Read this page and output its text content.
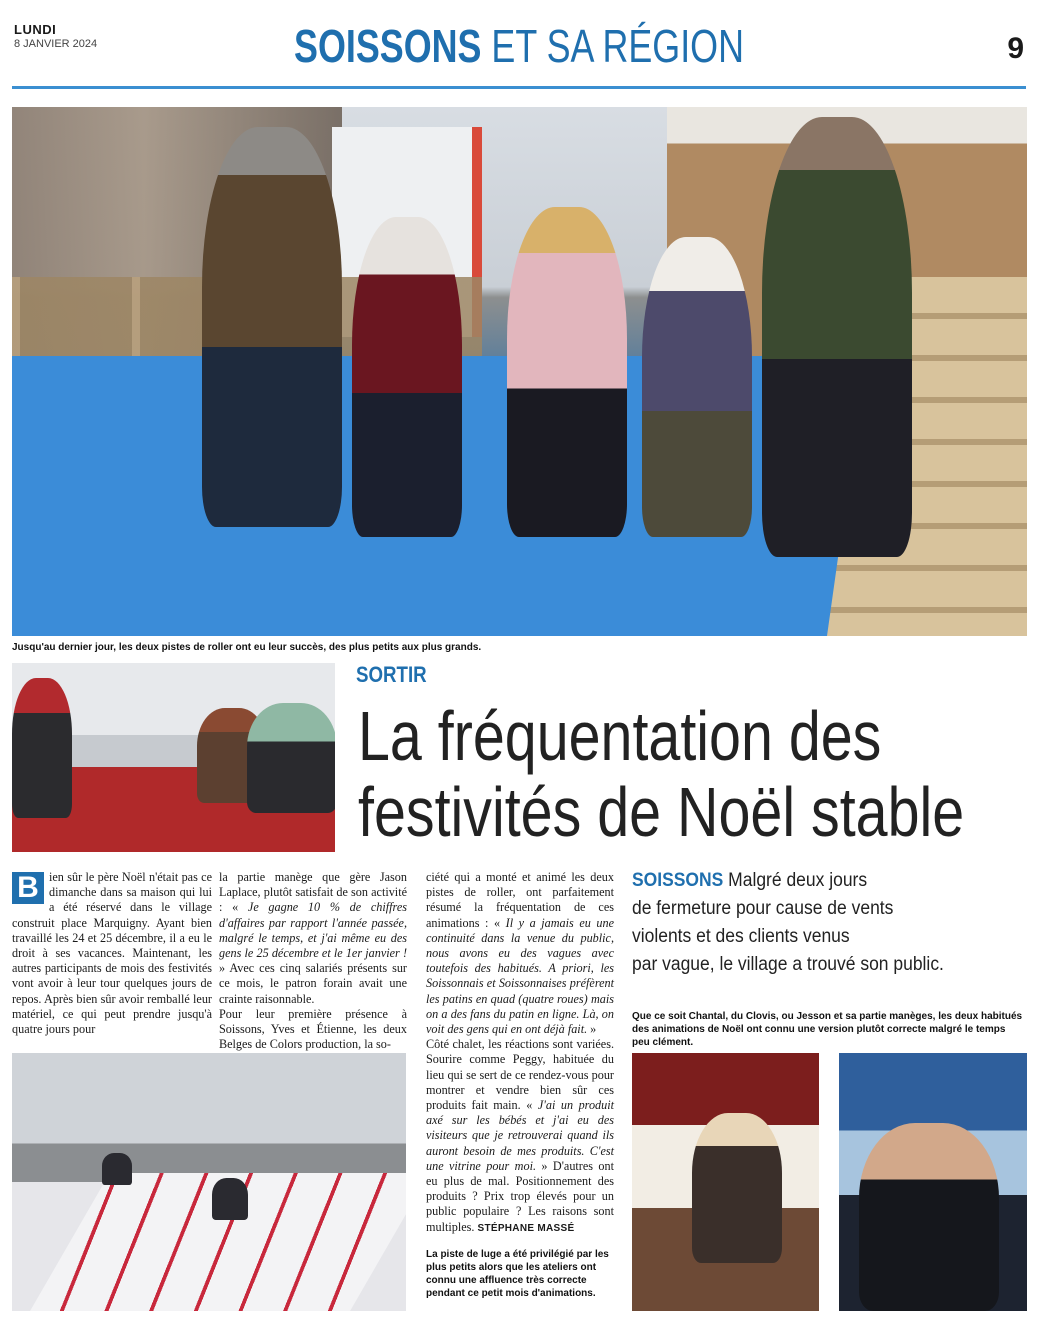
LUNDI
8 JANVIER 2024	SOISSONS ET SA RÉGION	9
Jusqu'au dernier jour, les deux pistes de roller ont eu leur succès, des plus petits aux plus grands.
SORTIR
La fréquentation des
festivités de Noël stable
B ien sûr le père Noël n'était pas ce dimanche dans sa maison qui lui a été réservé dans le village construit place Marquigny. Ayant bien travaillé les 24 et 25 décembre, il a eu le droit à ses vacances. Maintenant, les autres participants de mois des festivités vont avoir à leur tour quelques jours de repos. Après bien sûr avoir remballé leur matériel, ce qui peut prendre jusqu'à quatre jours pour

la partie manège que gère Jason Laplace, plutôt satisfait de son activité : « Je gagne 10 % de chiffres d'affaires par rapport l'année passée, malgré le temps, et j'ai même eu des gens le 25 décembre et le 1er janvier ! » Avec ces cinq salariés présents sur ce mois, le patron forain avait une crainte raisonnable.

Pour leur première présence à Soissons, Yves et Étienne, les deux Belges de Colors production, la so-

ciété qui a monté et animé les deux pistes de roller, ont parfaitement résumé la fréquentation de ces animations : « Il y a jamais eu une continuité dans la venue du public, nous avons eu des vagues avec toutefois des habitués. A priori, les Soissonnais et Soissonnaises préfèrent les patins en quad (quatre roues) mais on a des fans du patin en ligne. Là, on voit des gens qui en ont déjà fait. »

Côté chalet, les réactions sont variées. Sourire comme Peggy, habituée du lieu qui se sert de ce rendez-vous pour montrer et vendre bien sûr ces produits fait main. « J'ai un produit axé sur les bébés et j'ai eu des visiteurs que je retrouverai quand ils auront besoin de mes produits. C'est une vitrine pour moi. » D'autres ont eu plus de mal. Positionnement des produits ? Prix trop élevés pour un public populaire ? Les raisons sont multiples. STÉPHANE MASSÉ

SOISSONS Malgré deux jours
de fermeture pour cause de vents
violents et des clients venus
par vague, le village a trouvé son public.
Que ce soit Chantal, du Clovis, ou Jesson et sa partie manèges, les deux habitués des animations de Noël ont connu une version plutôt correcte malgré le temps peu clément.
La piste de luge a été privilégié par les plus petits alors que les ateliers ont connu une affluence très correcte pendant ce petit mois d'animations.
